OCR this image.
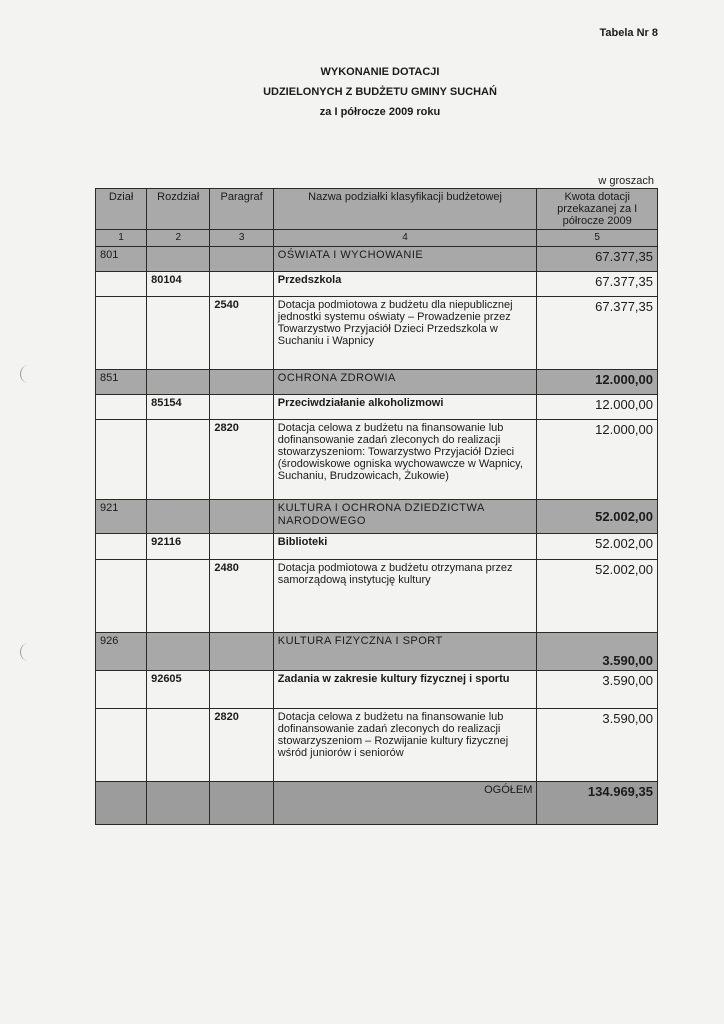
Tabela Nr 8
WYKONANIE DOTACJI
UDZIELONYCH Z BUDŻETU GMINY SUCHAŃ
za I półrocze 2009 roku
w groszach
Dział	Rozdział	Paragraf	Nazwa podziałki klasyfikacji budżetowej	Kwota dotacji przekazanej za I półrocze 2009
1	2	3	4	5
801			OŚWIATA I WYCHOWANIE	67.377,35
	80104		Przedszkola	67.377,35
		2540	Dotacja podmiotowa z budżetu dla niepublicznej jednostki systemu oświaty – Prowadzenie przez Towarzystwo Przyjaciół Dzieci Przedszkola w Suchaniu i Wapnicy	67.377,35
851			OCHRONA ZDROWIA	12.000,00
	85154		Przeciwdziałanie alkoholizmowi	12.000,00
		2820	Dotacja celowa z budżetu na finansowanie lub dofinansowanie zadań zleconych do realizacji stowarzyszeniom: Towarzystwo Przyjaciół Dzieci (środowiskowe ogniska wychowawcze w Wapnicy, Suchaniu, Brudzowicach, Żukowie)	12.000,00
921			KULTURA I OCHRONA DZIEDZICTWA NARODOWEGO	52.002,00
	92116		Biblioteki	52.002,00
		2480	Dotacja podmiotowa z budżetu otrzymana przez samorządową instytucję kultury	52.002,00
926			KULTURA FIZYCZNA I SPORT	3.590,00
	92605		Zadania w zakresie kultury fizycznej i sportu	3.590,00
		2820	Dotacja celowa z budżetu na finansowanie lub dofinansowanie zadań zleconych do realizacji stowarzyszeniom – Rozwijanie kultury fizycznej wśród juniorów i seniorów	3.590,00
			OGÓŁEM	134.969,35
